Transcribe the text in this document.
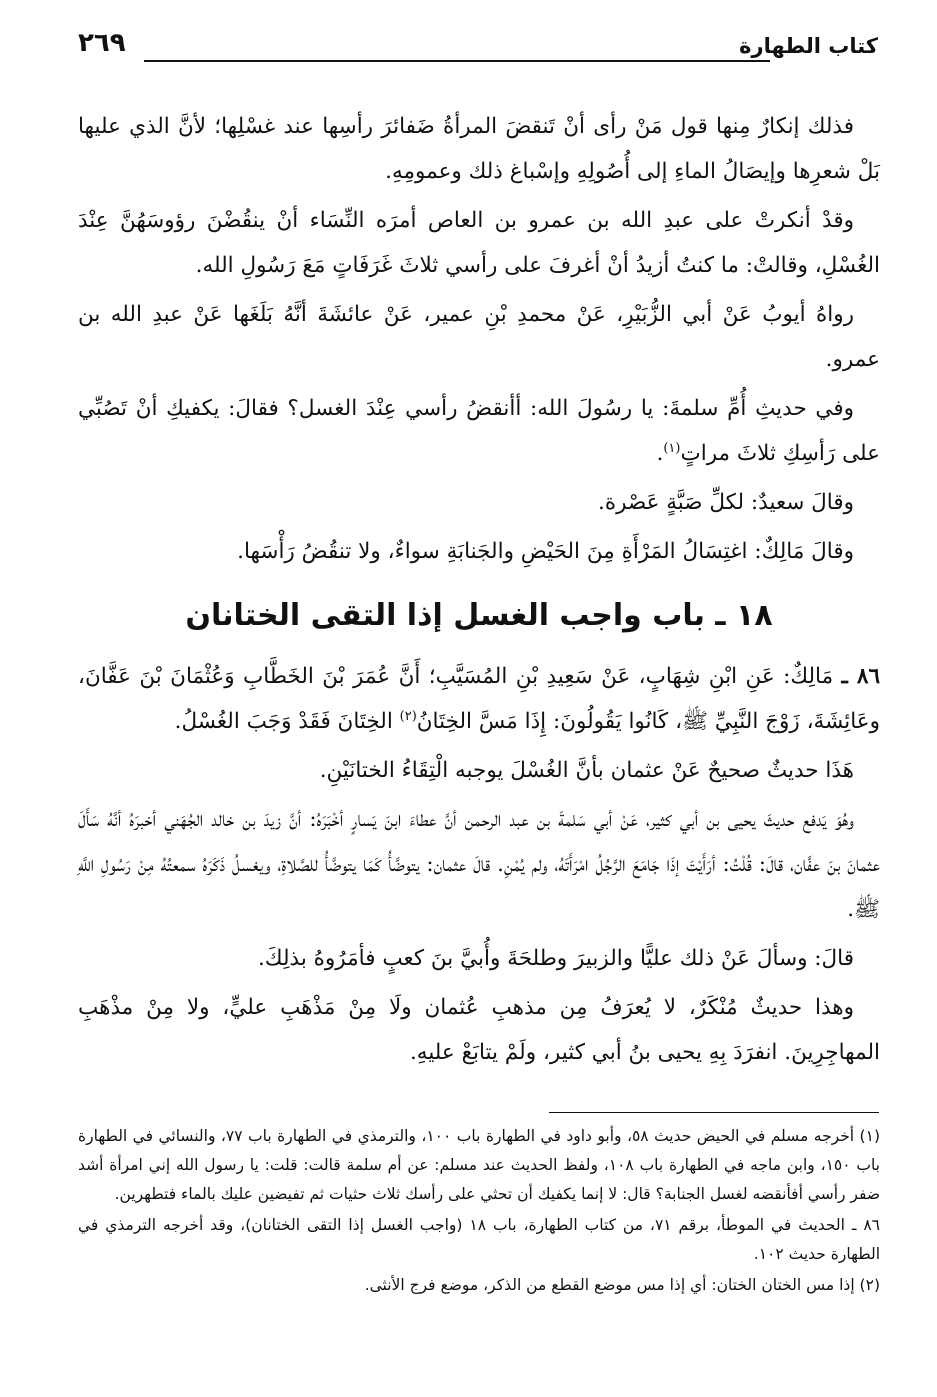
كتاب الطهارة
٢٦٩

فذلك إنكارٌ مِنها قول مَنْ رأى أنْ تَنقضَ المرأةُ ضَفائرَ رأسِها عند غسْلِها؛ لأنَّ الذي عليها بَلْ شعرِها وإيصَالُ الماءِ إلى أُصُولِهِ وإسْباغ ذلك وعمومِهِ.

وقدْ أنكرتْ على عبدِ الله بن عمرو بن العاص أمرَه النِّسَاء أنْ ينقُضْنَ رؤوسَهُنَّ عِنْدَ الغُسْلِ، وقالتْ: ما كنتُ أزيدُ أنْ أغرفَ على رأسي ثلاثَ غَرَفَاتٍ مَعَ رَسُولِ الله.

رواهُ أيوبُ عَنْ أبي الزُّبَيْرِ، عَنْ محمدِ بْنِ عمير، عَنْ عائشَةَ أنَّهُ بَلَغَها عَنْ عبدِ الله بن عمرو.

وفي حديثِ أُمِّ سلمةَ: يا رسُولَ الله: أأنقضُ رأسي عِنْدَ الغسل؟ فقالَ: يكفيكِ أنْ تَصُبِّي على رَأسِكِ ثلاثَ مراتٍ$^{(١)}$.

وقالَ سعيدٌ: لكلِّ صَبَّةٍ عَصْرة.

وقالَ مَالِكٌ: اغتِسَالُ المَرْأَةِ مِنَ الحَيْضِ والجَنابَةِ سواءٌ، ولا تنقُضُ رَأْسَها.

١٨ ـ باب واجب الغسل إذا التقى الختانان

٨٦ ـ مَالِكٌ: عَنِ ابْنِ شِهَابٍ، عَنْ سَعِيدِ بْنِ المُسَيَّبِ؛ أَنَّ عُمَرَ بْنَ الخَطَّابِ وَعُثْمَانَ بْنَ عَفَّانَ، وعَائِشَةَ، زَوْجَ النَّبِيِّ ﷺ، كَانُوا يَقُولُونَ: إِذَا مَسَّ الخِتَانُ$^{(٢)}$ الخِتَانَ فَقَدْ وَجَبَ الغُسْلُ.

هَذَا حديثٌ صحيحٌ عَنْ عثمان بأنَّ الغُسْلَ يوجبه الْتِقَاءُ الختانَيْنِ.

وهُوَ يَدفع حديثَ يحيى بن أبي كثير، عَنْ أبي سَلمةَ بن عبد الرحمن أنَّ عطاءَ ابنَ يَسارٍ أخْبَرَهُ: أنَّ زيدَ بن خالد الجُهَني أخبرَهُ أنَّهُ سَأَلَ عثمانَ بنَ عفَّان، قالَ: قُلْتُ: أرَأَيْتَ إذَا جَامَعَ الرَّجُلُ امْرَأَتَهُ، ولم يُمْنِ. قالَ عثمان: يتوضَّأُ كَمَا يتوضَّأُ للصَّلاةِ، ويغسلُ ذَكَرَهُ سمعتُهُ مِنْ رَسُولِ اللَّهِ ﷺ.

قالَ: وسألَ عَنْ ذلك عليًّا والزبيرَ وطلحَةَ وأُبيَّ بنَ كعبٍ فأمَرُوهُ بذلِكَ.

وهذا حديثٌ مُنْكَرٌ، لا يُعرَفُ مِن مذهبِ عُثمان ولَا مِنْ مَذْهَبِ عليٍّ، ولا مِنْ مذْهَبِ المهاجِرِينَ. انفرَدَ بِهِ يحيى بنُ أبي كثير، ولَمْ يتابَعْ عليهِ.

(١) أخرجه مسلم في الحيض حديث ٥٨، وأبو داود في الطهارة باب ١٠٠، والترمذي في الطهارة باب ٧٧، والنسائي في الطهارة باب ١٥٠، وابن ماجه في الطهارة باب ١٠٨، ولفظ الحديث عند مسلم: عن أم سلمة قالت: قلت: يا رسول الله إني امرأة أشد ضفر رأسي أفأنقضه لغسل الجنابة؟ قال: لا إنما يكفيك أن تحثي على رأسك ثلاث حثيات ثم تفيضين عليك بالماء فتطهرين.

٨٦ ـ الحديث في الموطأ، برقم ٧١، من كتاب الطهارة، باب ١٨ (واجب الغسل إذا التقى الختانان)، وقد أخرجه الترمذي في الطهارة حديث ١٠٢.

(٢) إذا مس الختان الختان: أي إذا مس موضع القطع من الذكر، موضع فرج الأنثى.
